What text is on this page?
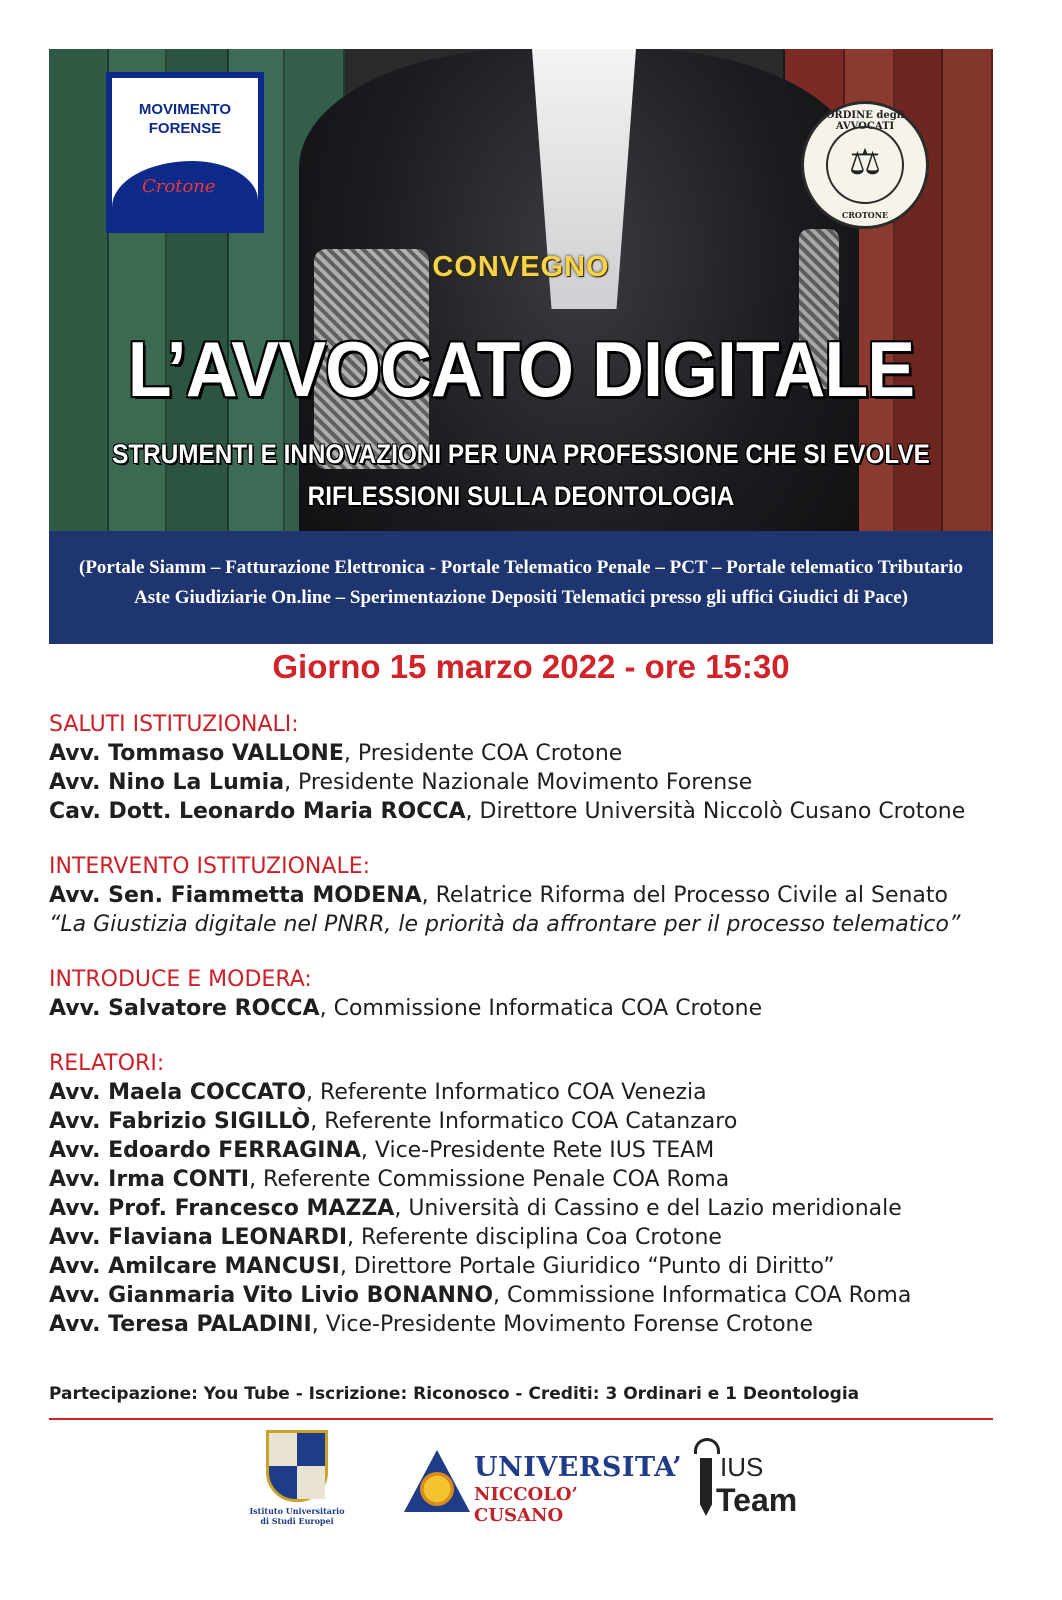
MOVIMENTO
FORENSE
Crotone
ORDINE degli AVVOCATI
⚖
CROTONE
CONVEGNO
L’AVVOCATO DIGITALE
STRUMENTI E INNOVAZIONI PER UNA PROFESSIONE CHE SI EVOLVE
RIFLESSIONI SULLA DEONTOLOGIA
(Portale Siamm – Fatturazione Elettronica - Portale Telematico Penale – PCT – Portale telematico Tributario
Aste Giudiziarie On.line – Sperimentazione Depositi Telematici presso gli uffici Giudici di Pace)
Giorno 15 marzo 2022 - ore 15:30
SALUTI ISTITUZIONALI:
Avv. Tommaso VALLONE, Presidente COA Crotone
Avv. Nino La Lumia, Presidente Nazionale Movimento Forense
Cav. Dott. Leonardo Maria ROCCA, Direttore Università Niccolò Cusano Crotone
INTERVENTO ISTITUZIONALE:
Avv. Sen. Fiammetta MODENA, Relatrice Riforma del Processo Civile al Senato
“La Giustizia digitale nel PNRR, le priorità da affrontare per il processo telematico”
INTRODUCE E MODERA:
Avv. Salvatore ROCCA, Commissione Informatica COA Crotone
RELATORI:
Avv. Maela COCCATO, Referente Informatico COA Venezia
Avv. Fabrizio SIGILLÒ, Referente Informatico COA Catanzaro
Avv. Edoardo FERRAGINA, Vice-Presidente Rete IUS TEAM
Avv. Irma CONTI, Referente Commissione Penale COA Roma
Avv. Prof. Francesco MAZZA, Università di Cassino e del Lazio meridionale
Avv. Flaviana LEONARDI, Referente disciplina Coa Crotone
Avv. Amilcare MANCUSI, Direttore Portale Giuridico “Punto di Diritto”
Avv. Gianmaria Vito Livio BONANNO, Commissione Informatica COA Roma
Avv. Teresa PALADINI, Vice-Presidente Movimento Forense Crotone
Partecipazione: You Tube - Iscrizione: Riconosco - Crediti: 3 Ordinari e 1 Deontologia
Istituto Universitario
di Studi Europei
UNIVERSITA’
NICCOLO’ CUSANO
IUS
Team
